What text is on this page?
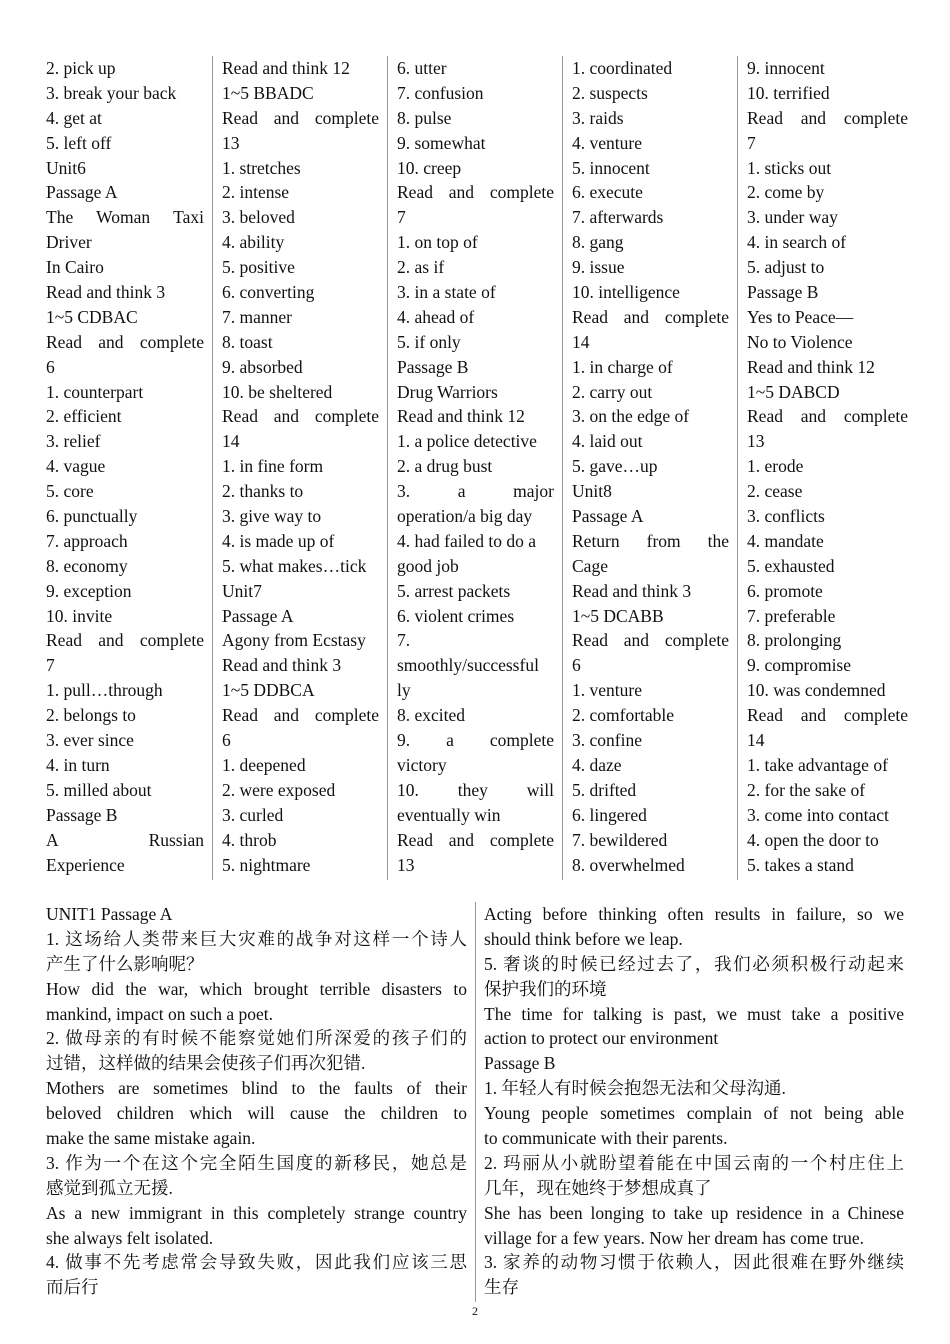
2. pick up
3. break your back
4. get at
5. left off
Unit6
Passage A
The Woman Taxi
Driver
In Cairo
Read and think 3
1~5 CDBAC
Read and complete
6
1. counterpart
2. efficient
3. relief
4. vague
5. core
6. punctually
7. approach
8. economy
9. exception
10. invite
Read and complete
7
1. pull…through
2. belongs to
3. ever since
4. in turn
5. milled about
Passage B
A Russian
Experience
Read and think 12
1~5 BBADC
Read and complete
13
1. stretches
2. intense
3. beloved
4. ability
5. positive
6. converting
7. manner
8. toast
9. absorbed
10. be sheltered
Read and complete
14
1. in fine form
2. thanks to
3. give way to
4. is made up of
5. what makes…tick
Unit7
Passage A
Agony from Ecstasy
Read and think 3
1~5 DDBCA
Read and complete
6
1. deepened
2. were exposed
3. curled
4. throb
5. nightmare
6. utter
7. confusion
8. pulse
9. somewhat
10. creep
Read and complete
7
1. on top of
2. as if
3. in a state of
4. ahead of
5. if only
Passage B
Drug Warriors
Read and think 12
1. a police detective
2. a drug bust
3. a major
operation/a big day
4. had failed to do a
good job
5. arrest packets
6. violent crimes
7.
smoothly/successful
ly
8. excited
9. a complete
victory
10. they will
eventually win
Read and complete
13
1. coordinated
2. suspects
3. raids
4. venture
5. innocent
6. execute
7. afterwards
8. gang
9. issue
10. intelligence
Read and complete
14
1. in charge of
2. carry out
3. on the edge of
4. laid out
5. gave…up
Unit8
Passage A
Return from the
Cage
Read and think 3
1~5 DCABB
Read and complete
6
1. venture
2. comfortable
3. confine
4. daze
5. drifted
6. lingered
7. bewildered
8. overwhelmed
9. innocent
10. terrified
Read and complete
7
1. sticks out
2. come by
3. under way
4. in search of
5. adjust to
Passage B
Yes to Peace—
No to Violence
Read and think 12
1~5 DABCD
Read and complete
13
1. erode
2. cease
3. conflicts
4. mandate
5. exhausted
6. promote
7. preferable
8. prolonging
9. compromise
10. was condemned
Read and complete
14
1. take advantage of
2. for the sake of
3. come into contact
4. open the door to
5. takes a stand
UNIT1 Passage A
1. 这场给人类带来巨大灾难的战争对这样一个诗人
产生了什么影响呢？
How did the war, which brought terrible disasters to
mankind, impact on such a poet.
2. 做母亲的有时候不能察觉她们所深爱的孩子们的
过错，这样做的结果会使孩子们再次犯错.
Mothers are sometimes blind to the faults of their
beloved children which will cause the children to
make the same mistake again.
3. 作为一个在这个完全陌生国度的新移民，她总是
感觉到孤立无援.
As a new immigrant in this completely strange country
she always felt isolated.
4. 做事不先考虑常会导致失败，因此我们应该三思
而后行
Acting before thinking often results in failure, so we
should think before we leap.
5. 奢谈的时候已经过去了，我们必须积极行动起来
保护我们的环境
The time for talking is past, we must take a positive
action to protect our environment
Passage B
1. 年轻人有时候会抱怨无法和父母沟通.
Young people sometimes complain of not being able
to communicate with their parents.
2. 玛丽从小就盼望着能在中国云南的一个村庄住上
几年，现在她终于梦想成真了
She has been longing to take up residence in a Chinese
village for a few years. Now her dream has come true.
3. 家养的动物习惯于依赖人，因此很难在野外继续
生存
2
